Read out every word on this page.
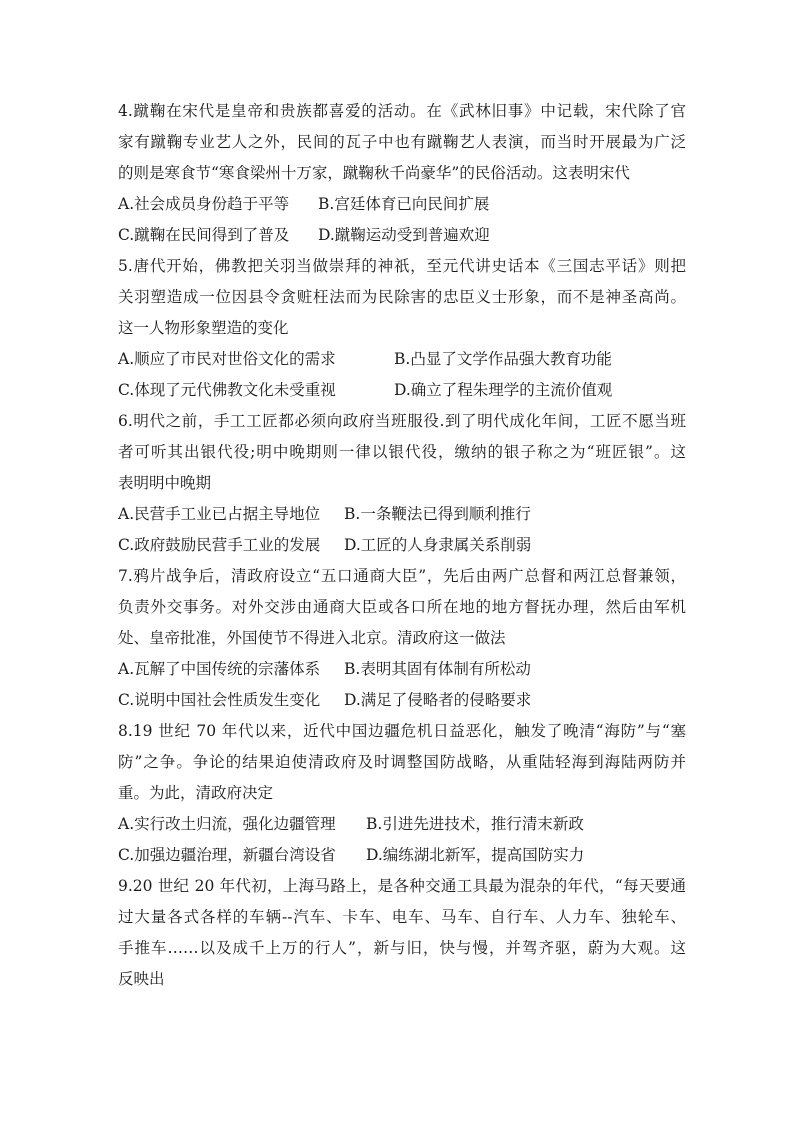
4.蹴鞠在宋代是皇帝和贵族都喜爱的活动。在《武林旧事》中记载，宋代除了官
家有蹴鞠专业艺人之外，民间的瓦子中也有蹴鞠艺人表演，而当时开展最为广泛
的则是寒食节“寒食梁州十万家，蹴鞠秋千尚豪华”的民俗活动。这表明宋代
A.社会成员身份趋于平等	B.宫廷体育已向民间扩展
C.蹴鞠在民间得到了普及	D.蹴鞠运动受到普遍欢迎
5.唐代开始，佛教把关羽当做崇拜的神祇，至元代讲史话本《三国志平话》则把
关羽塑造成一位因县令贪赃枉法而为民除害的忠臣义士形象，而不是神圣高尚。
这一人物形象塑造的变化
A.顺应了市民对世俗文化的需求	B.凸显了文学作品强大教育功能
C.体现了元代佛教文化未受重视	D.确立了程朱理学的主流价值观
6.明代之前，手工工匠都必须向政府当班服役.到了明代成化年间，工匠不愿当班
者可听其出银代役;明中晚期则一律以银代役，缴纳的银子称之为“班匠银”。这
表明明中晚期
A.民营手工业已占据主导地位	B.一条鞭法已得到顺利推行
C.政府鼓励民营手工业的发展	D.工匠的人身隶属关系削弱
7.鸦片战争后，清政府设立“五口通商大臣”，先后由两广总督和两江总督兼领，
负责外交事务。对外交涉由通商大臣或各口所在地的地方督抚办理，然后由军机
处、皇帝批准，外国使节不得进入北京。清政府这一做法
A.瓦解了中国传统的宗藩体系	B.表明其固有体制有所松动
C.说明中国社会性质发生变化	D.满足了侵略者的侵略要求
8.19 世纪 70 年代以来，近代中国边疆危机日益恶化，触发了晚清“海防”与“塞
防”之争。争论的结果迫使清政府及时调整国防战略，从重陆轻海到海陆两防并
重。为此，清政府决定
A.实行改土归流，强化边疆管理	B.引进先进技术，推行清末新政
C.加强边疆治理，新疆台湾设省	D.编练湖北新军，提高国防实力
9.20 世纪 20 年代初，上海马路上，是各种交通工具最为混杂的年代，“每天要通
过大量各式各样的车辆--汽车、卡车、电车、马车、自行车、人力车、独轮车、
手推车……以及成千上万的行人”，新与旧，快与慢，并驾齐驱，蔚为大观。这
反映出
